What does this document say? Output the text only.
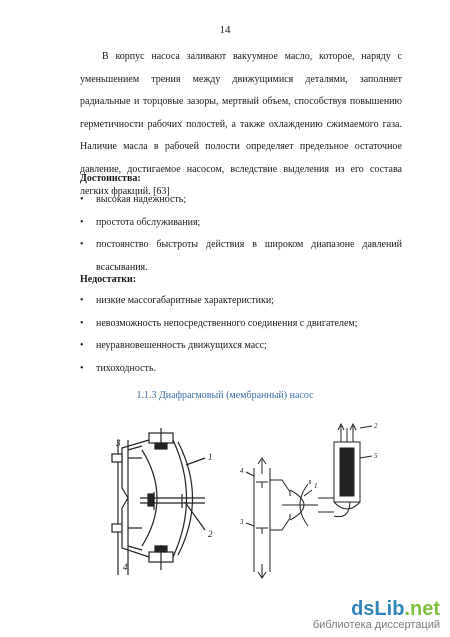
14

В корпус насоса заливают вакуумное масло, которое, наряду с уменьшением трения между движущимися деталями, заполняет радиальные и торцовые зазоры, мертвый объем, способствуя повышению герметичности рабочих полостей, а также охлаждению сжимаемого газа. Наличие масла в рабочей полости определяет предельное остаточное давление, достигаемое насосом, вследствие выделения из его состава легких фракций. [63]

Достоинства:
• высокая надежность;
• простота обслуживания;
• постоянство быстроты действия в широком диапазоне давлений всасывания.
Недостатки:
• низкие массогабаритные характеристики;
• невозможность непосредственного соединения с двигателем;
• неуравновешенность движущихся масс;
• тихоходность.
1.1.3 Диафрагмовый (мембранный) насос
3
1
2
4
2
5
4
1
3
dsLib.net
библиотека диссертаций
